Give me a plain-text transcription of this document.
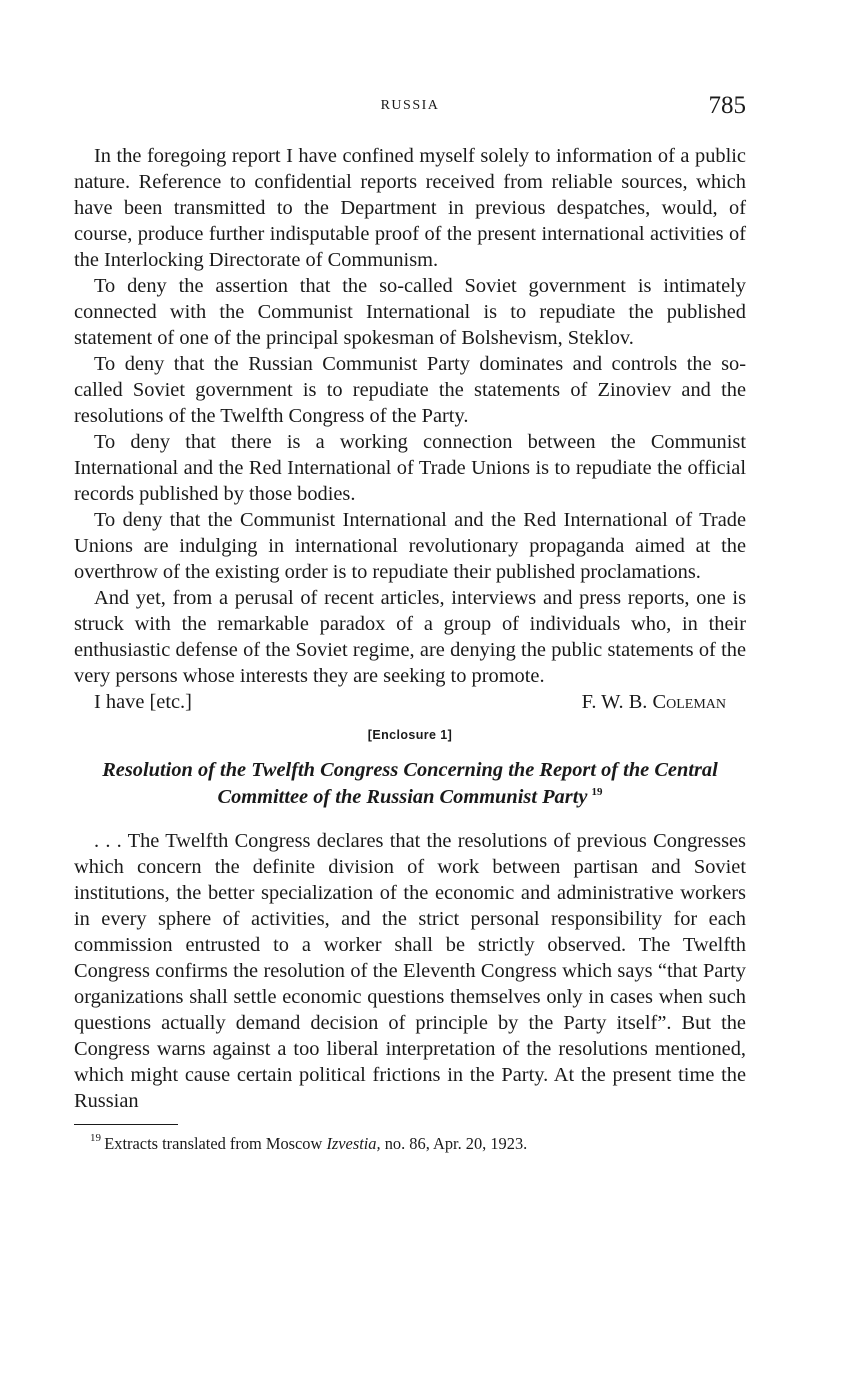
RUSSIA	785

In the foregoing report I have confined myself solely to information of a public nature. Reference to confidential reports received from reliable sources, which have been transmitted to the Department in previous despatches, would, of course, produce further indisputable proof of the present international activities of the Interlocking Directorate of Communism.

To deny the assertion that the so-called Soviet government is intimately connected with the Communist International is to repudiate the published statement of one of the principal spokesman of Bolshevism, Steklov.

To deny that the Russian Communist Party dominates and controls the so-called Soviet government is to repudiate the statements of Zinoviev and the resolutions of the Twelfth Congress of the Party.

To deny that there is a working connection between the Communist International and the Red International of Trade Unions is to repudiate the official records published by those bodies.

To deny that the Communist International and the Red International of Trade Unions are indulging in international revolutionary propaganda aimed at the overthrow of the existing order is to repudiate their published proclamations.

And yet, from a perusal of recent articles, interviews and press reports, one is struck with the remarkable paradox of a group of individuals who, in their enthusiastic defense of the Soviet regime, are denying the public statements of the very persons whose interests they are seeking to promote.

I have [etc.]	F. W. B. Coleman
[Enclosure 1]
Resolution of the Twelfth Congress Concerning the Report of the Central Committee of the Russian Communist Party  $^{19}$

. . . The Twelfth Congress declares that the resolutions of previous Congresses which concern the definite division of work between partisan and Soviet institutions, the better specialization of the economic and administrative workers in every sphere of activities, and the strict personal responsibility for each commission entrusted to a worker shall be strictly observed. The Twelfth Congress confirms the resolution of the Eleventh Congress which says “that Party organizations shall settle economic questions themselves only in cases when such questions actually demand decision of principle by the Party itself”. But the Congress warns against a too liberal interpretation of the resolutions mentioned, which might cause certain political frictions in the Party. At the present time the Russian

$^{19}$  Extracts translated from Moscow Izvestia, no. 86, Apr. 20, 1923.
